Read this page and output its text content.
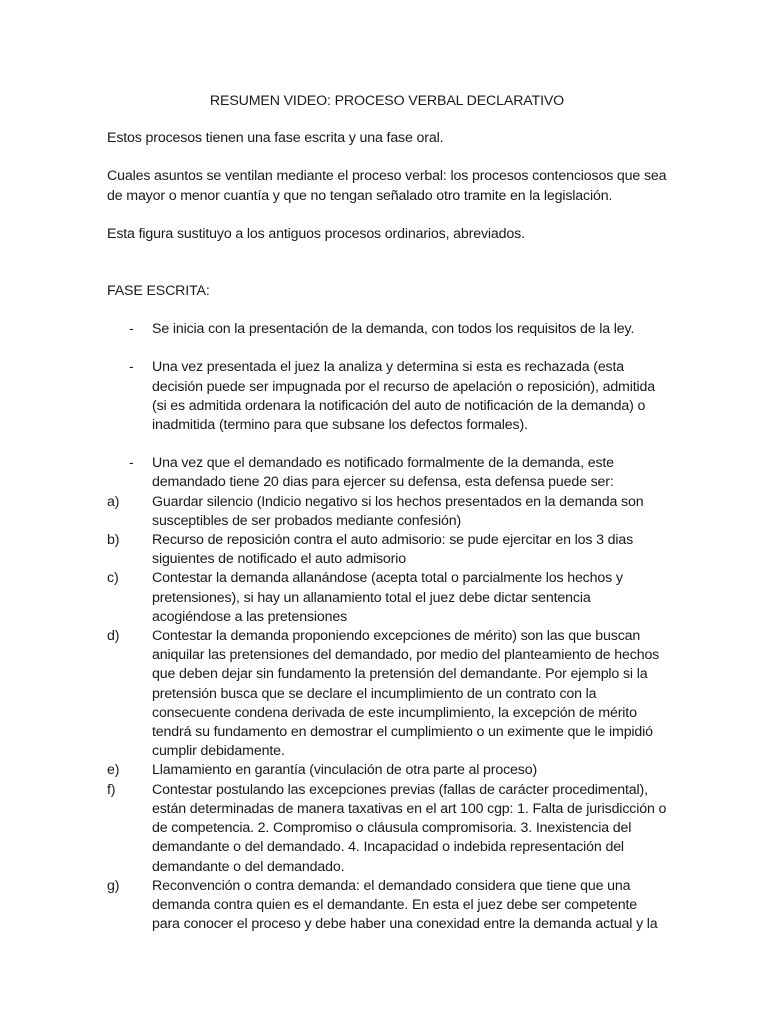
RESUMEN VIDEO: PROCESO VERBAL DECLARATIVO

Estos procesos tienen una fase escrita y una fase oral.

Cuales asuntos se ventilan mediante el proceso verbal: los procesos contenciosos que sea de mayor o menor cuantía y que no tengan señalado otro tramite en la legislación.

Esta figura sustituyo a los antiguos procesos ordinarios, abreviados.

FASE ESCRITA:

-	Se inicia con la presentación de la demanda, con todos los requisitos de la ley.
-	Una vez presentada el juez la analiza y determina si esta es rechazada (esta decisión puede ser impugnada por el recurso de apelación o reposición), admitida (si es admitida ordenara la notificación del auto de notificación de la demanda) o inadmitida (termino para que subsane los defectos formales).
-	Una vez que el demandado es notificado formalmente de la demanda, este demandado tiene 20 dias para ejercer su defensa, esta defensa puede ser:
a)	Guardar silencio (Indicio negativo si los hechos presentados en la demanda son susceptibles de ser probados mediante confesión)
b)	Recurso de reposición contra el auto admisorio: se pude ejercitar en los 3 dias siguientes de notificado el auto admisorio
c)	Contestar la demanda allanándose (acepta total o parcialmente los hechos y pretensiones), si hay un allanamiento total el juez debe dictar sentencia acogiéndose a las pretensiones
d)	Contestar la demanda proponiendo excepciones de mérito) son las que buscan aniquilar las pretensiones del demandado, por medio del planteamiento de hechos que deben dejar sin fundamento la pretensión del demandante. Por ejemplo si la pretensión busca que se declare el incumplimiento de un contrato con la consecuente condena derivada de este incumplimiento, la excepción de mérito tendrá su fundamento en demostrar el cumplimiento o un eximente que le impidió cumplir debidamente.
e)	Llamamiento en garantía (vinculación de otra parte al proceso)
f)	Contestar postulando las excepciones previas (fallas de carácter procedimental), están determinadas de manera taxativas en el art 100 cgp: 1. Falta de jurisdicción o de competencia. 2. Compromiso o cláusula compromisoria. 3. Inexistencia del demandante o del demandado. 4. Incapacidad o indebida representación del demandante o del demandado.
g)	Reconvención o contra demanda: el demandado considera que tiene que una demanda contra quien es el demandante. En esta el juez debe ser competente para conocer el proceso y debe haber una conexidad entre la demanda actual y la
